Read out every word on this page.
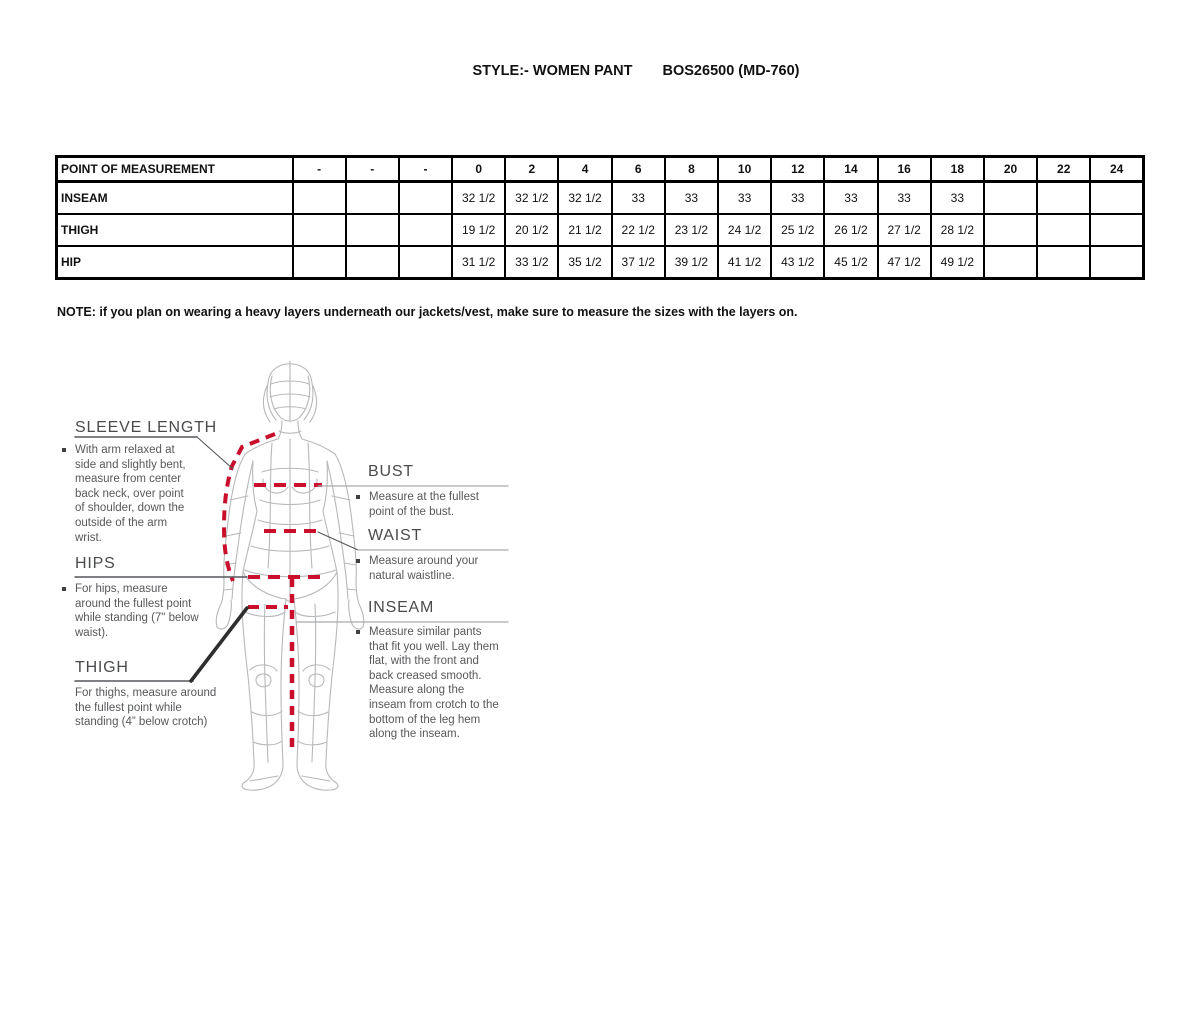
STYLE:- WOMEN PANT BOS26500 (MD-760)
POINT OF MEASUREMENT	-	-	-	0	2	4	6	8	10	12	14	16	18	20	22	24
INSEAM				32 1/2	32 1/2	32 1/2	33	33	33	33	33	33	33			
THIGH				19 1/2	20 1/2	21 1/2	22 1/2	23 1/2	24 1/2	25 1/2	26 1/2	27 1/2	28 1/2			
HIP				31 1/2	33 1/2	35 1/2	37 1/2	39 1/2	41 1/2	43 1/2	45 1/2	47 1/2	49 1/2			
NOTE: if you plan on wearing a heavy layers underneath our jackets/vest, make sure to measure the sizes with the layers on.
SLEEVE LENGTH
With arm relaxed at side and slightly bent, measure from center back neck, over point of shoulder, down the outside of the arm wrist.
HIPS
For hips, measure around the fullest point while standing (7" below waist).
THIGH
For thighs, measure around the fullest point while standing (4” below crotch)
BUST
Measure at the fullest point of the bust.
WAIST
Measure around your natural waistline.
INSEAM
Measure similar pants that fit you well. Lay them flat, with the front and back creased smooth. Measure along the inseam from crotch to the bottom of the leg hem along the inseam.
